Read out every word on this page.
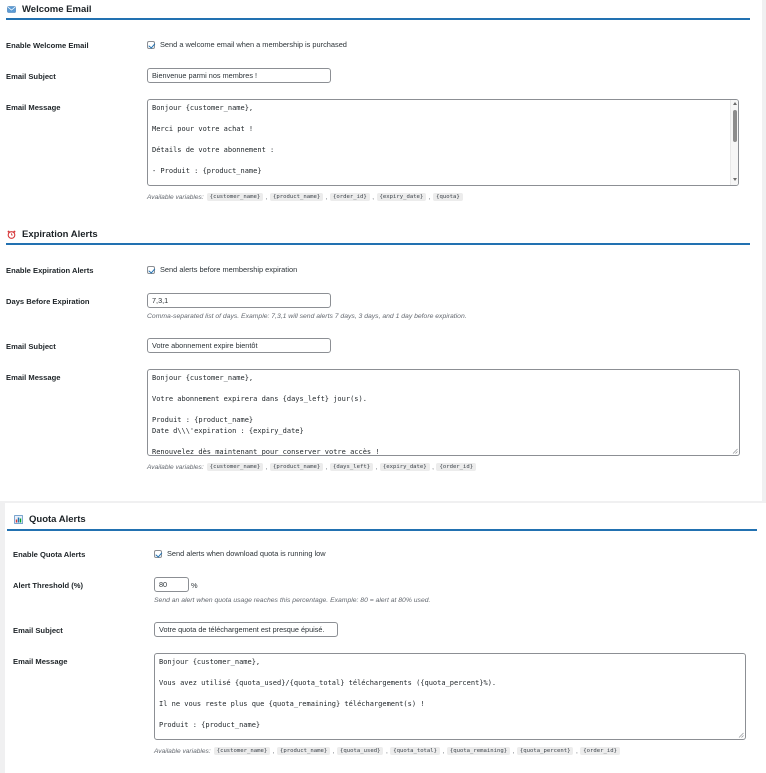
Welcome Email
Enable Welcome Email	Send a welcome email when a membership is purchased
Email Subject	Bienvenue parmi nos membres !
Email Message	Bonjour {customer_name},
Merci pour votre achat !
Détails de votre abonnement :
- Produit : {product_name}
Available variables:	{customer_name} , {product_name} , {order_id} , {expiry_date} , {quota}
Expiration Alerts
Enable Expiration Alerts	Send alerts before membership expiration
Days Before Expiration	7,3,1
Comma-separated list of days. Example: 7,3,1 will send alerts 7 days, 3 days, and 1 day before expiration.
Email Subject	Votre abonnement expire bientôt
Email Message	Bonjour {customer_name},
Votre abonnement expirera dans {days_left} jour(s).
Produit : {product_name}
Date d\\\'expiration : {expiry_date}
Renouvelez dès maintenant pour conserver votre accès !
Available variables:	{customer_name} , {product_name} , {days_left} , {expiry_date} , {order_id}
Quota Alerts
Enable Quota Alerts	Send alerts when download quota is running low
Alert Threshold (%)	80	%
Send an alert when quota usage reaches this percentage. Example: 80 = alert at 80% used.
Email Subject	Votre quota de téléchargement est presque épuisé.
Email Message	Bonjour {customer_name},
Vous avez utilisé {quota_used}/{quota_total} téléchargements ({quota_percent}%).
Il ne vous reste plus que {quota_remaining} téléchargement(s) !
Produit : {product_name}
Available variables:	{customer_name} , {product_name} , {quota_used} , {quota_total} , {quota_remaining} , {quota_percent} , {order_id}
